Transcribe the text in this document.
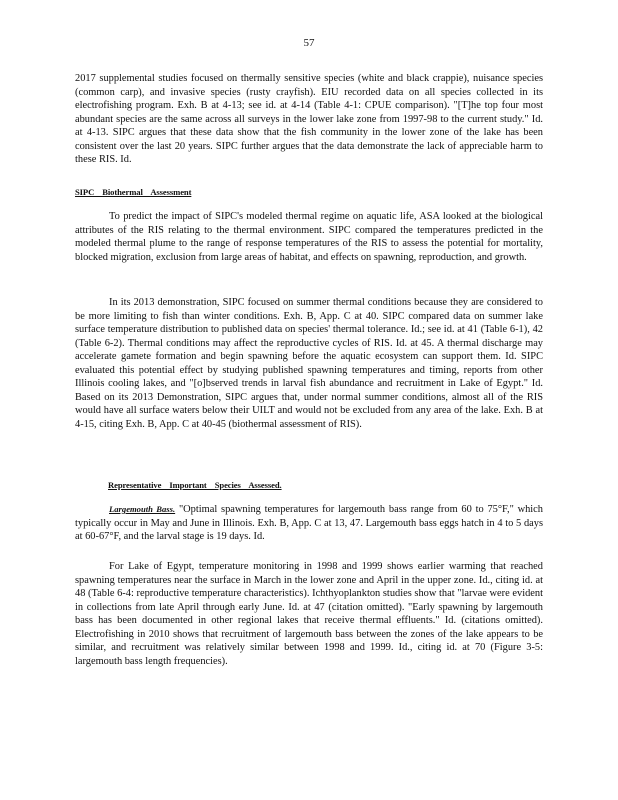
57
2017 supplemental studies focused on thermally sensitive species (white and black crappie), nuisance species (common carp), and invasive species (rusty crayfish). EIU recorded data on all species collected in its electrofishing program. Exh. B at 4-13; see id. at 4-14 (Table 4-1: CPUE comparison). "[T]he top four most abundant species are the same across all surveys in the lower lake zone from 1997-98 to the current study." Id. at 4-13. SIPC argues that these data show that the fish community in the lower zone of the lake has been consistent over the last 20 years. SIPC further argues that the data demonstrate the lack of appreciable harm to these RIS. Id.
SIPC Biothermal Assessment
To predict the impact of SIPC's modeled thermal regime on aquatic life, ASA looked at the biological attributes of the RIS relating to the thermal environment. SIPC compared the temperatures predicted in the modeled thermal plume to the range of response temperatures of the RIS to assess the potential for mortality, blocked migration, exclusion from large areas of habitat, and effects on spawning, reproduction, and growth.
In its 2013 demonstration, SIPC focused on summer thermal conditions because they are considered to be more limiting to fish than winter conditions. Exh. B, App. C at 40. SIPC compared data on summer lake surface temperature distribution to published data on species' thermal tolerance. Id.; see id. at 41 (Table 6-1), 42 (Table 6-2). Thermal conditions may affect the reproductive cycles of RIS. Id. at 45. A thermal discharge may accelerate gamete formation and begin spawning before the aquatic ecosystem can support them. Id. SIPC evaluated this potential effect by studying published spawning temperatures and timing, reports from other Illinois cooling lakes, and "[o]bserved trends in larval fish abundance and recruitment in Lake of Egypt." Id. Based on its 2013 Demonstration, SIPC argues that, under normal summer conditions, almost all of the RIS would have all surface waters below their UILT and would not be excluded from any area of the lake. Exh. B at 4-15, citing Exh. B, App. C at 40-45 (biothermal assessment of RIS).
Representative Important Species Assessed.
Largemouth Bass. "Optimal spawning temperatures for largemouth bass range from 60 to 75°F," which typically occur in May and June in Illinois. Exh. B, App. C at 13, 47. Largemouth bass eggs hatch in 4 to 5 days at 60-67°F, and the larval stage is 19 days. Id.
For Lake of Egypt, temperature monitoring in 1998 and 1999 shows earlier warming that reached spawning temperatures near the surface in March in the lower zone and April in the upper zone. Id., citing id. at 48 (Table 6-4: reproductive temperature characteristics). Ichthyoplankton studies show that "larvae were evident in collections from late April through early June. Id. at 47 (citation omitted). "Early spawning by largemouth bass has been documented in other regional lakes that receive thermal effluents." Id. (citations omitted). Electrofishing in 2010 shows that recruitment of largemouth bass between the zones of the lake appears to be similar, and recruitment was relatively similar between 1998 and 1999. Id., citing id. at 70 (Figure 3-5: largemouth bass length frequencies).
